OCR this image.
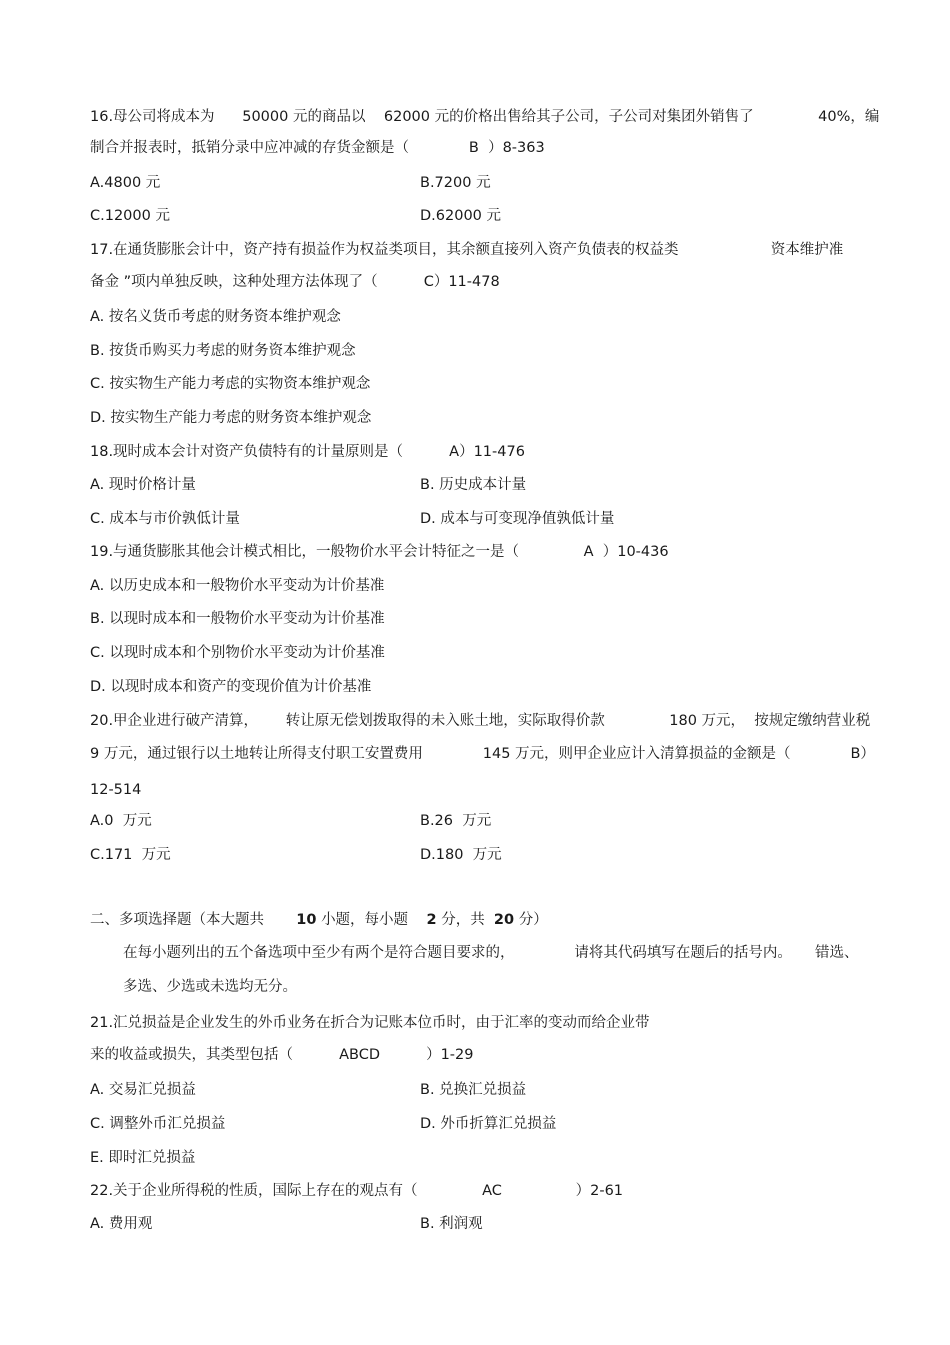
16.母公司将成本为      50000 元的商品以    62000 元的价格出售给其子公司，子公司对集团外销售了              40%，编
制合并报表时，抵销分录中应冲减的存货金额是（             B  ）8-363
A.4800 元	B.7200 元
C.12000 元	D.62000 元
17.在通货膨胀会计中，资产持有损益作为权益类项目，其余额直接列入资产负债表的权益类                    资本维护准
备金 ”项内单独反映，这种处理方法体现了（          C）11-478
A. 按名义货币考虑的财务资本维护观念
B. 按货币购买力考虑的财务资本维护观念
C. 按实物生产能力考虑的实物资本维护观念
D. 按实物生产能力考虑的财务资本维护观念
18.现时成本会计对资产负债特有的计量原则是（          A）11-476
A. 现时价格计量	B. 历史成本计量
C. 成本与市价孰低计量	D. 成本与可变现净值孰低计量
19.与通货膨胀其他会计模式相比，一般物价水平会计特征之一是（              A  ）10-436
A. 以历史成本和一般物价水平变动为计价基准
B. 以现时成本和一般物价水平变动为计价基准
C. 以现时成本和个别物价水平变动为计价基准
D. 以现时成本和资产的变现价值为计价基准
20.甲企业进行破产清算，      转让原无偿划拨取得的未入账土地，实际取得价款              180 万元，  按规定缴纳营业税
9 万元，通过银行以土地转让所得支付职工安置费用             145 万元，则甲企业应计入清算损益的金额是（             B）
12-514
A.0  万元	B.26  万元
C.171  万元	D.180  万元
二、多项选择题（本大题共 10 小题，每小题 2 分，共 20 分）
在每小题列出的五个备选项中至少有两个是符合题目要求的，             请将其代码填写在题后的括号内。     错选、
多选、少选或未选均无分。
21.汇兑损益是企业发生的外币业务在折合为记账本位币时，由于汇率的变动而给企业带
来的收益或损失，其类型包括（          ABCD          ）1-29
A. 交易汇兑损益	B. 兑换汇兑损益
C. 调整外币汇兑损益	D. 外币折算汇兑损益
E. 即时汇兑损益
22.关于企业所得税的性质，国际上存在的观点有（              AC                ）2-61
A. 费用观	B. 利润观
